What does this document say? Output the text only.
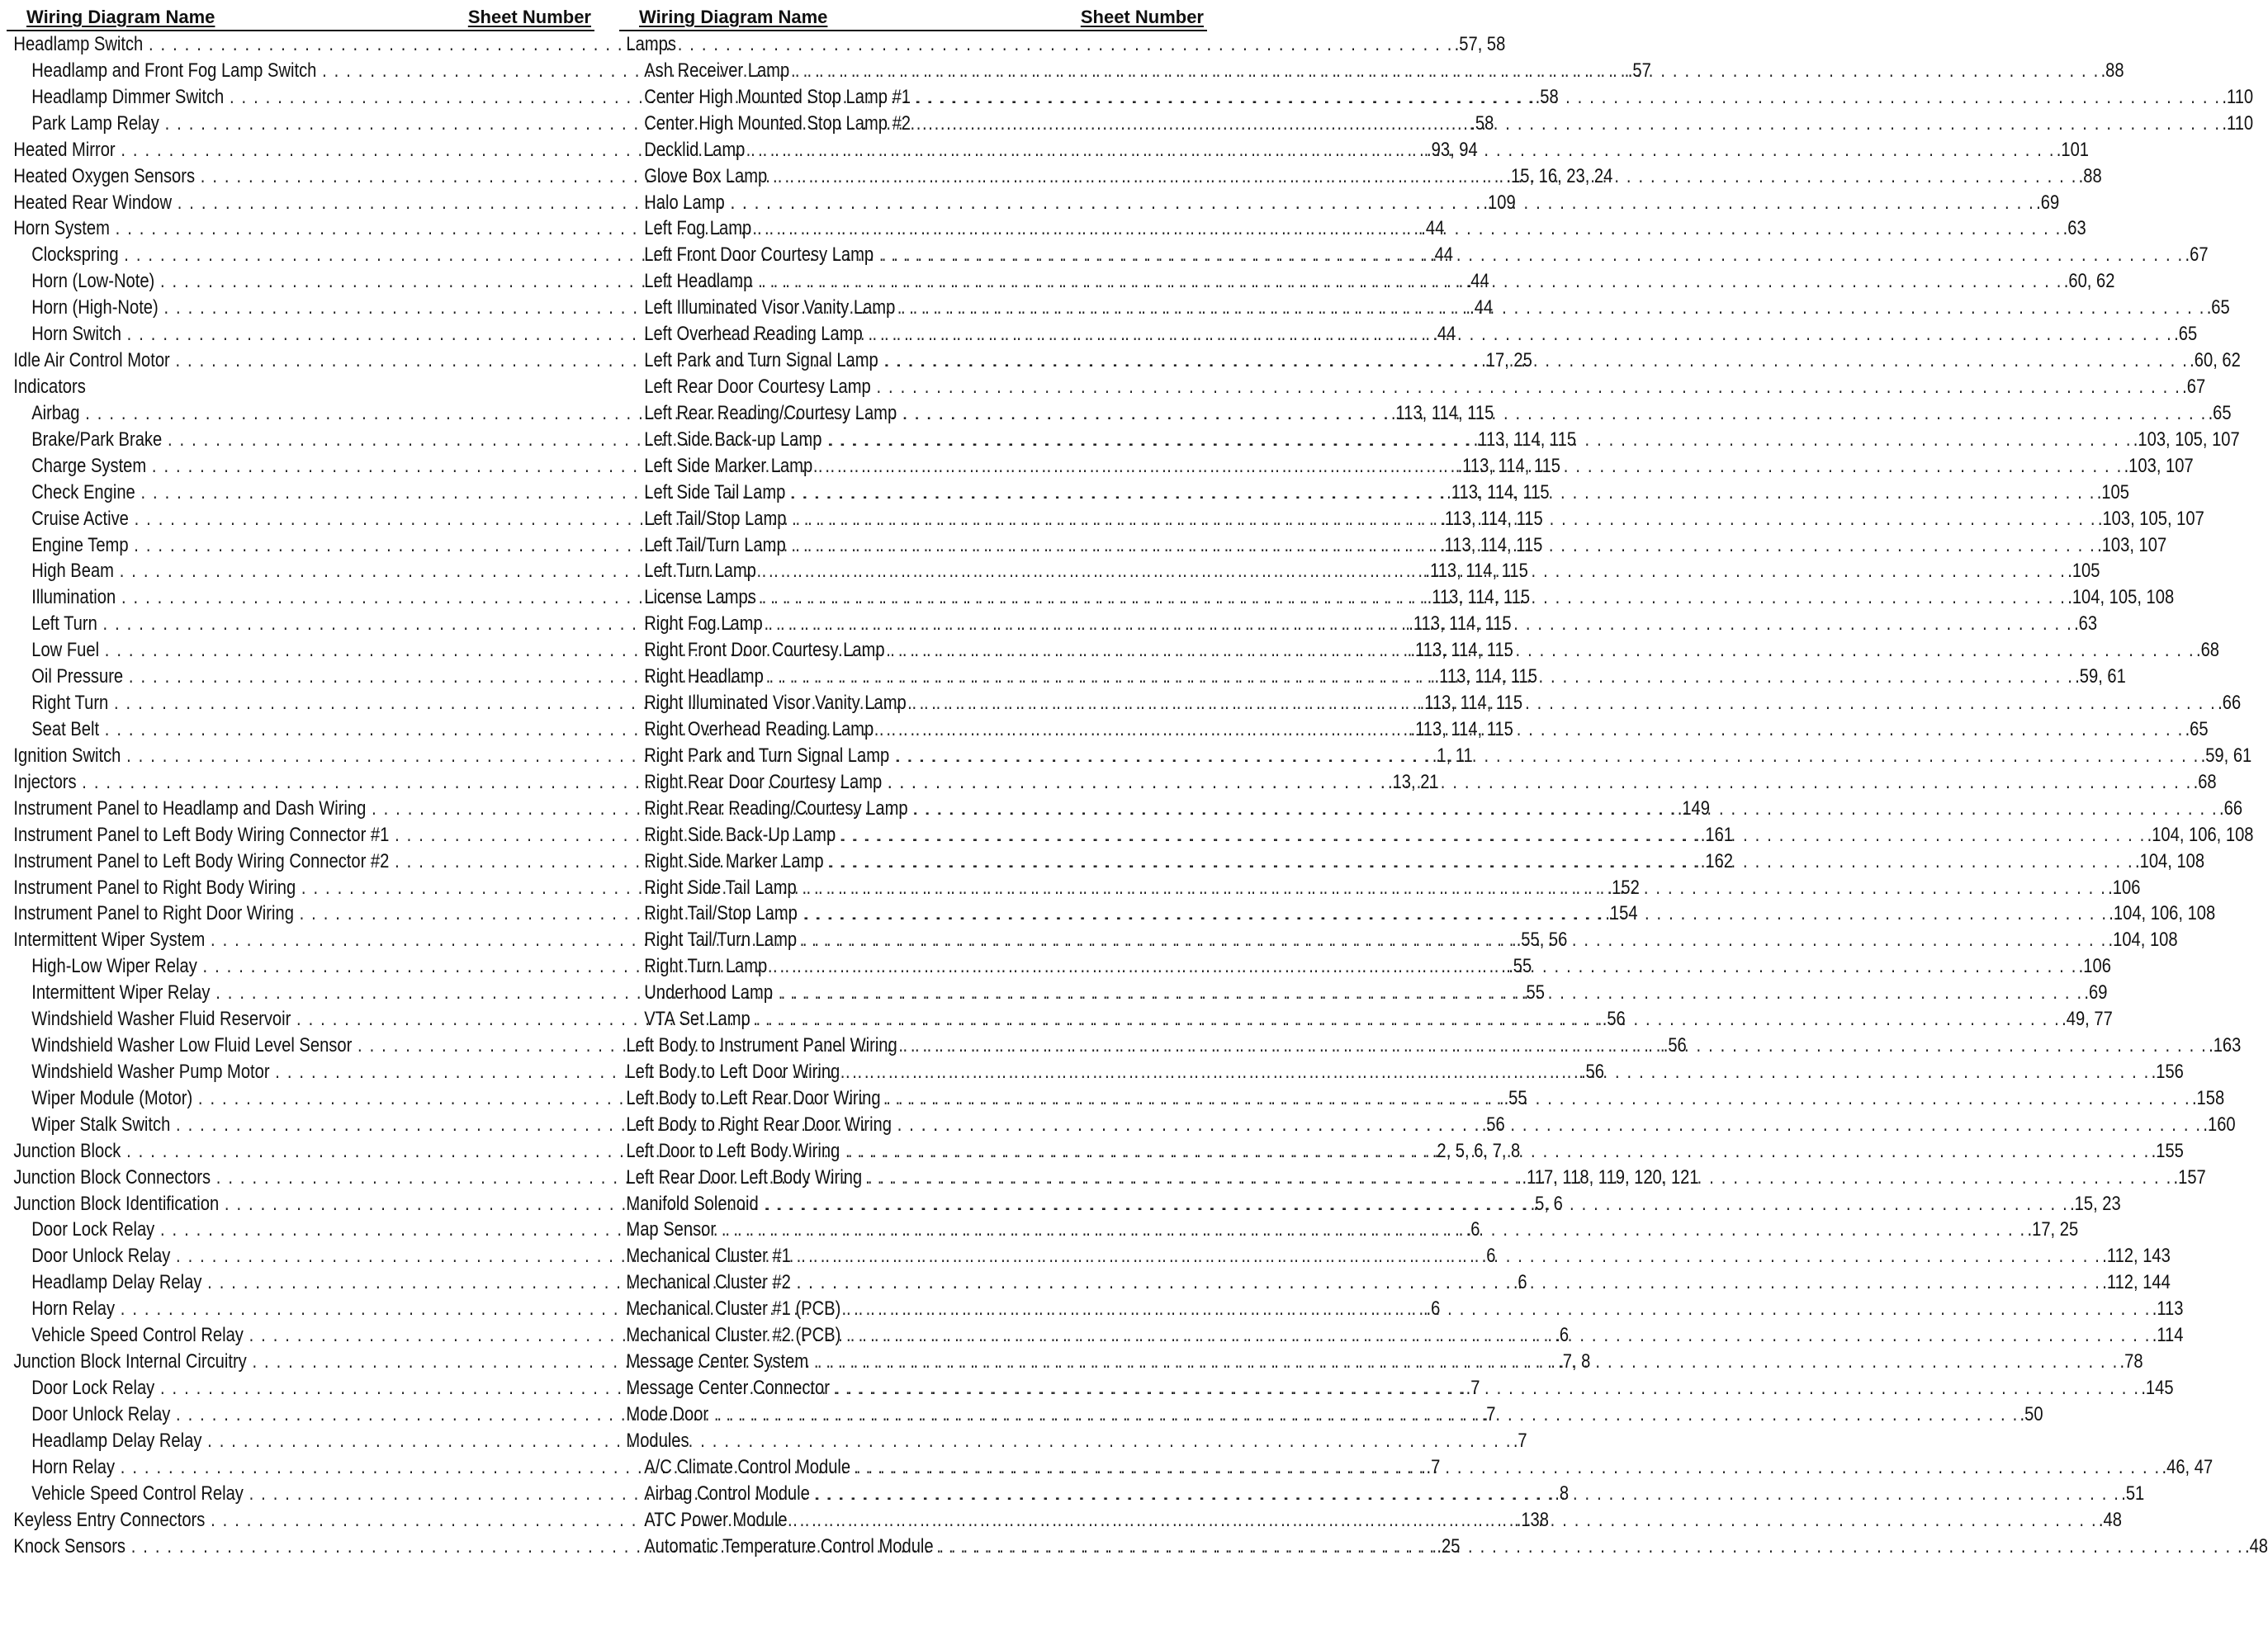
Wiring Diagram Name	Sheet Number
Headlamp Switch . . .	.57, 58
Headlamp and Front Fog Lamp Switch . . .	.57
Headlamp Dimmer Switch . . .	.58
Park Lamp Relay . . .	.58
Heated Mirror . . .	.93, 94
Heated Oxygen Sensors . . .	.15, 16, 23, 24
Heated Rear Window . . .	.109
Horn System . . .	.44
Clockspring . . .	.44
Horn (Low-Note) . . .	.44
Horn (High-Note) . . .	.44
Horn Switch . . .	.44
Idle Air Control Motor . . .	.17, 25
Indicators
Airbag . . .	.113, 114, 115
Brake/Park Brake . . .	.113, 114, 115
Charge System . . .	.113, 114, 115
Check Engine . . .	.113, 114, 115
Cruise Active . . .	.113, 114, 115
Engine Temp . . .	.113, 114, 115
High Beam . . .	.113, 114, 115
Illumination . . .	.113, 114, 115
Left Turn . . .	.113, 114, 115
Low Fuel . . .	.113, 114, 115
Oil Pressure . . .	.113, 114, 115
Right Turn . . .	.113, 114, 115
Seat Belt . . .	.113, 114, 115
Ignition Switch . . .	.1, 11
Injectors . . .	.13, 21
Instrument Panel to Headlamp and Dash Wiring . . .	.149
Instrument Panel to Left Body Wiring Connector #1 . . .	.161
Instrument Panel to Left Body Wiring Connector #2 . . .	.162
Instrument Panel to Right Body Wiring . . .	.152
Instrument Panel to Right Door Wiring . . .	.154
Intermittent Wiper System . . .	.55, 56
High-Low Wiper Relay . . .	.55
Intermittent Wiper Relay . . .	.55
Windshield Washer Fluid Reservoir . . .	.56
Windshield Washer Low Fluid Level Sensor . . .	.56
Windshield Washer Pump Motor . . .	.56
Wiper Module (Motor) . . .	.55
Wiper Stalk Switch . . .	.56
Junction Block . . .	.2, 5, 6, 7, 8
Junction Block Connectors . . .	.117, 118, 119, 120, 121
Junction Block Identification . . .	.5, 6
Door Lock Relay . . .	.6
Door Unlock Relay . . .	.6
Headlamp Delay Relay . . .	.6
Horn Relay . . .	.6
Vehicle Speed Control Relay . . .	.6
Junction Block Internal Circuitry . . .	.7, 8
Door Lock Relay . . .	.7
Door Unlock Relay . . .	.7
Headlamp Delay Relay . . .	.7
Horn Relay . . .	.7
Vehicle Speed Control Relay . . .	.8
Keyless Entry Connectors . . .	.138
Knock Sensors . . .	.25
Wiring Diagram Name	Sheet Number
Lamps
Ash Receiver Lamp . . .	.88
Center High Mounted Stop Lamp #1 . . .	.110
Center High Mounted Stop Lamp #2 . . .	.110
Decklid Lamp . . .	.101
Glove Box Lamp . . .	.88
Halo Lamp . . .	.69
Left Fog Lamp . . .	.63
Left Front Door Courtesy Lamp . . .	.67
Left Headlamp . . .	.60, 62
Left Illuminated Visor Vanity Lamp . . .	.65
Left Overhead Reading Lamp . . .	.65
Left Park and Turn Signal Lamp . . .	.60, 62
Left Rear Door Courtesy Lamp . . .	.67
Left Rear Reading/Courtesy Lamp . . .	.65
Left Side Back-up Lamp . . .	.103, 105, 107
Left Side Marker Lamp . . .	.103, 107
Left Side Tail Lamp . . .	.105
Left Tail/Stop Lamp . . .	.103, 105, 107
Left Tail/Turn Lamp . . .	.103, 107
Left Turn Lamp . . .	.105
License Lamps . . .	.104, 105, 108
Right Fog Lamp . . .	.63
Right Front Door Courtesy Lamp . . .	.68
Right Headlamp . . .	.59, 61
Right Illuminated Visor Vanity Lamp . . .	.66
Right Overhead Reading Lamp . . .	.65
Right Park and Turn Signal Lamp . . .	.59, 61
Right Rear Door Courtesy Lamp . . .	.68
Right Rear Reading/Courtesy Lamp . . .	.66
Right Side Back-Up Lamp . . .	.104, 106, 108
Right Side Marker Lamp . . .	.104, 108
Right Side Tail Lamp . . .	.106
Right Tail/Stop Lamp . . .	.104, 106, 108
Right Tail/Turn Lamp . . .	.104, 108
Right Turn Lamp . . .	.106
Underhood Lamp . . .	.69
VTA Set Lamp . . .	.49, 77
Left Body to Instrument Panel Wiring . . .	.163
Left Body to Left Door Wiring . . .	.156
Left Body to Left Rear Door Wiring . . .	.158
Left Body to Right Rear Door Wiring . . .	.160
Left Door to Left Body Wiring . . .	.155
Left Rear Door Left Body Wiring . . .	.157
Manifold Solenoid . . .	.15, 23
Map Sensor . . .	.17, 25
Mechanical Cluster #1 . . .	.112, 143
Mechanical Cluster #2 . . .	.112, 144
Mechanical Cluster #1 (PCB) . . .	.113
Mechanical Cluster #2 (PCB) . . .	.114
Message Center System . . .	.78
Message Center Connector . . .	.145
Mode Door . . .	.50
Modules
A/C Climate Control Module . . .	.46, 47
Airbag Control Module . . .	.51
ATC Power Module . . .	.48
Automatic Temperature Control Module . . .	.48
